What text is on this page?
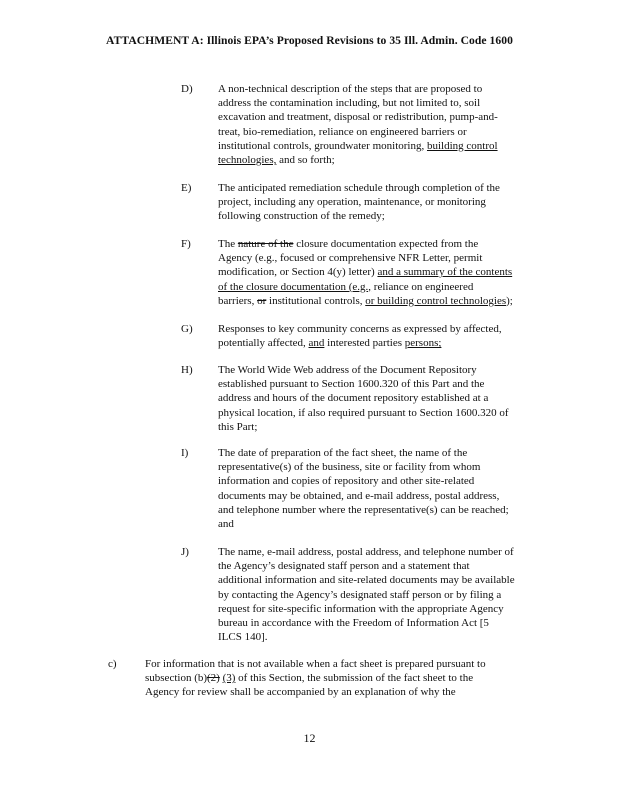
ATTACHMENT A: Illinois EPA’s Proposed Revisions to 35 Ill. Admin. Code 1600
D) A non-technical description of the steps that are proposed to
address the contamination including, but not limited to, soil
excavation and treatment, disposal or redistribution, pump-and-
treat, bio-remediation, reliance on engineered barriers or
institutional controls, groundwater monitoring, building control
technologies, and so forth;
E) The anticipated remediation schedule through completion of the
project, including any operation, maintenance, or monitoring
following construction of the remedy;
F) The nature of the closure documentation expected from the
Agency (e.g., focused or comprehensive NFR Letter, permit
modification, or Section 4(y) letter) and a summary of the contents
of the closure documentation (e.g., reliance on engineered
barriers, or institutional controls, or building control technologies);
G) Responses to key community concerns as expressed by affected,
potentially affected, and interested parties persons;
H) The World Wide Web address of the Document Repository
established pursuant to Section 1600.320 of this Part and the
address and hours of the document repository established at a
physical location, if also required pursuant to Section 1600.320 of
this Part;
I)	The date of preparation of the fact sheet, the name of the
representative(s) of the business, site or facility from whom
information and copies of repository and other site-related
documents may be obtained, and e-mail address, postal address,
and telephone number where the representative(s) can be reached;
and
J)	The name, e-mail address, postal address, and telephone number of
the Agency’s designated staff person and a statement that
additional information and site-related documents may be available
by contacting the Agency’s designated staff person or by filing a
request for site-specific information with the appropriate Agency
bureau in accordance with the Freedom of Information Act [5
ILCS 140].
c)	For information that is not available when a fact sheet is prepared pursuant to
subsection (b)(2) (3) of this Section, the submission of the fact sheet to the
Agency for review shall be accompanied by an explanation of why the
12
